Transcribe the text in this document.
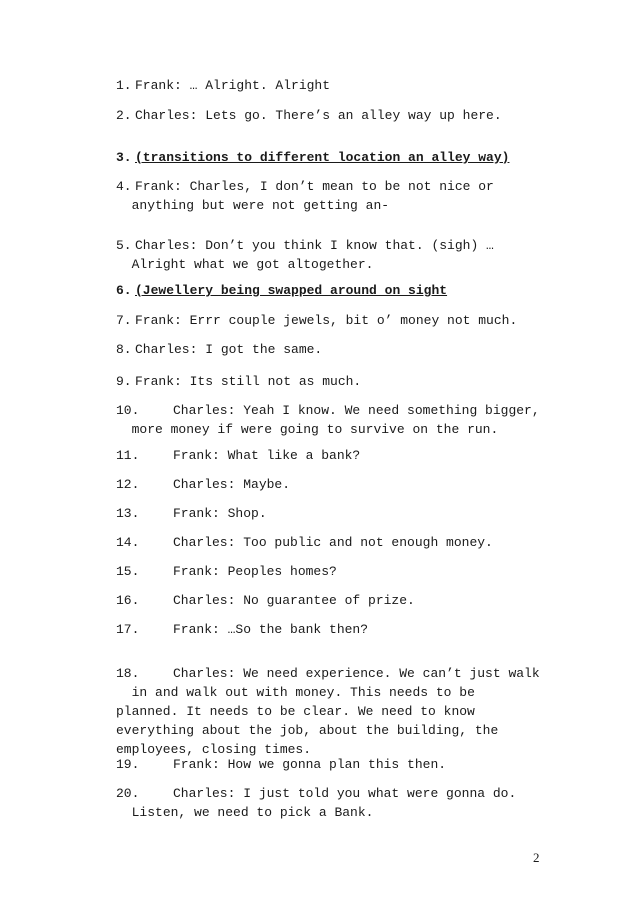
1. Frank: … Alright. Alright

2. Charles: Lets go. There’s an alley way up here.

3. (transitions to different location an alley way)

4. Frank: Charles, I don’t mean to be not nice or
anything but were not getting an-

5. Charles: Don’t you think I know that. (sigh) …
Alright what we got altogether.

6. (Jewellery being swapped around on sight

7. Frank: Errr couple jewels, bit o’ money not much.

8. Charles: I got the same.

9. Frank: Its still not as much.

10.	Charles: Yeah I know. We need something bigger,
more money if were going to survive on the run.

11.	Frank: What like a bank?

12.	Charles: Maybe.

13.	Frank: Shop.

14.	Charles: Too public and not enough money.

15.	Frank: Peoples homes?

16.	Charles: No guarantee of prize.

17.	Frank: …So the bank then?

18.	Charles: We need experience. We can’t just walk
in and walk out with money. This needs to be
planned. It needs to be clear. We need to know
everything about the job, about the building, the
employees, closing times.

19.	Frank: How we gonna plan this then.

20.	Charles: I just told you what were gonna do.
Listen, we need to pick a Bank.

2
